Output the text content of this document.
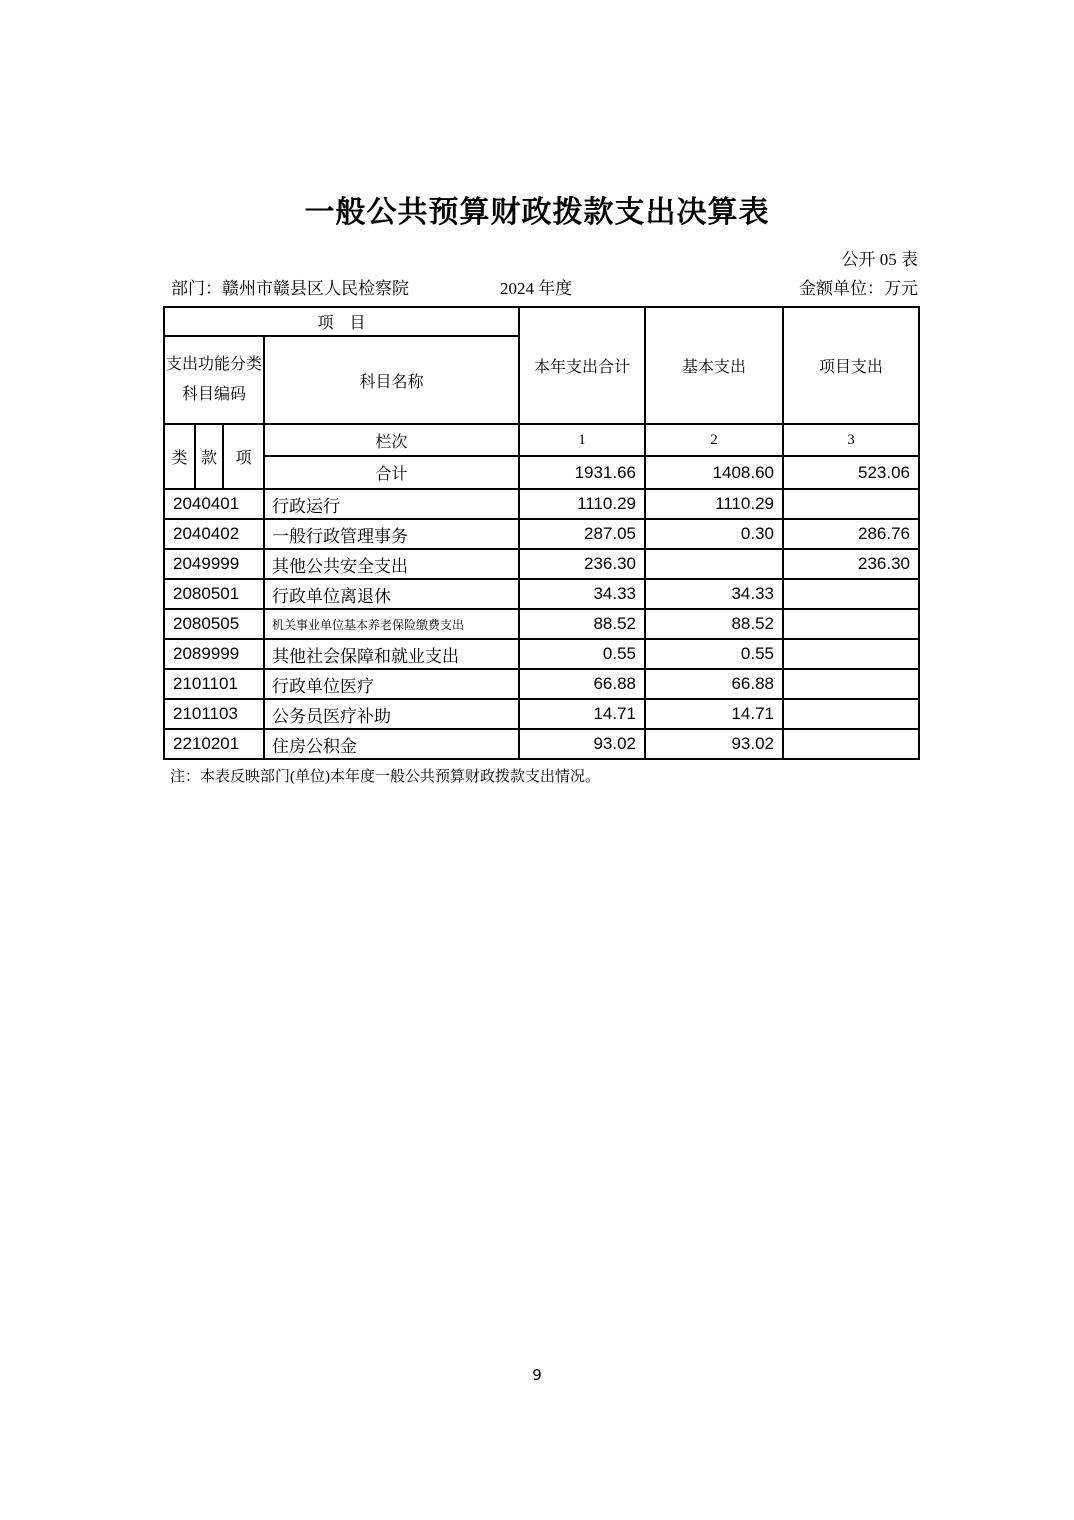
一般公共预算财政拨款支出决算表
公开 05 表
部门：赣州市赣县区人民检察院	2024 年度	金额单位：万元
项　目				本年支出合计	基本支出	项目支出

支出功能分类
科目编码			科目名称			
类	款	项	栏次	1	2	3
			合计	1931.66	1408.60	523.06
2040401			行政运行	1110.29	1110.29	
2040402			一般行政管理事务	287.05	0.30	286.76
2049999			其他公共安全支出	236.30		236.30
2080501			行政单位离退休	34.33	34.33	
2080505			机关事业单位基本养老保险缴费支出	88.52	88.52	
2089999			其他社会保障和就业支出	0.55	0.55	
2101101			行政单位医疗	66.88	66.88	
2101103			公务员医疗补助	14.71	14.71	
2210201			住房公积金	93.02	93.02	
注：本表反映部门(单位)本年度一般公共预算财政拨款支出情况。
9
